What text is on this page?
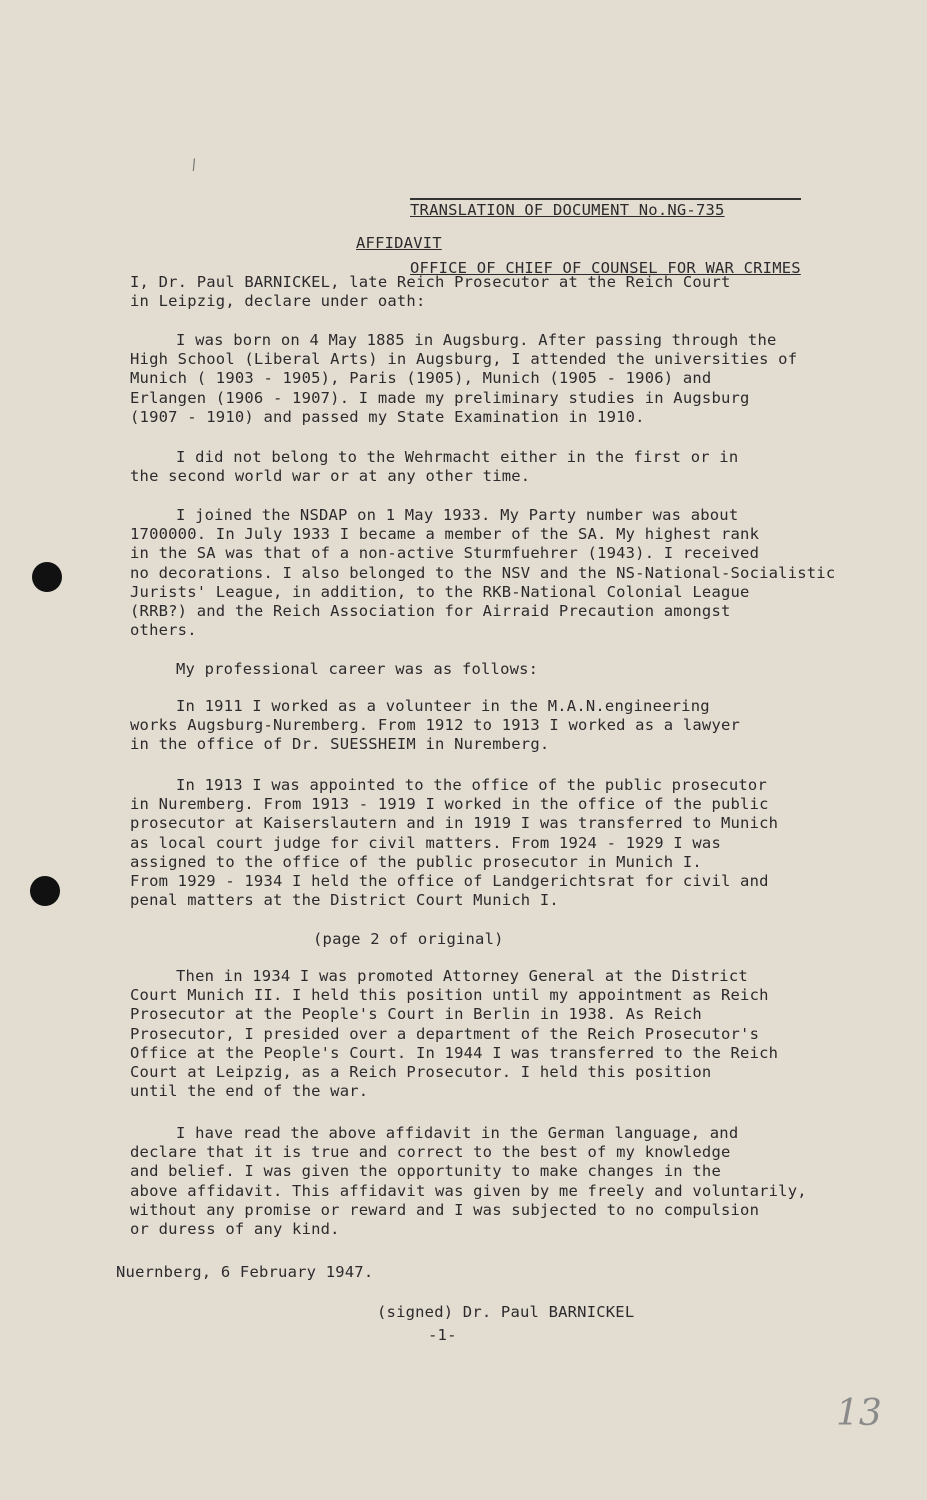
/

TRANSLATION OF DOCUMENT No.NG-735

OFFICE OF CHIEF OF COUNSEL FOR WAR CRIMES

AFFIDAVIT
I, Dr. Paul BARNICKEL, late Reich Prosecutor at the Reich Court
in Leipzig, declare under oath:
I was born on 4 May 1885 in Augsburg. After passing through the
High School (Liberal Arts) in Augsburg, I attended the universities of
Munich ( 1903 - 1905), Paris (1905), Munich (1905 - 1906) and
Erlangen (1906 - 1907). I made my preliminary studies in Augsburg
(1907 - 1910) and passed my State Examination in 1910.
I did not belong to the Wehrmacht either in the first or in
the second world war or at any other time.
I joined the NSDAP on 1 May 1933. My Party number was about
1700000. In July 1933 I became a member of the SA. My highest rank
in the SA was that of a non-active Sturmfuehrer (1943). I received
no decorations. I also belonged to the NSV and the NS-National-Socialistic
Jurists' League, in addition, to the RKB-National Colonial League
(RRB?) and the Reich Association for Airraid Precaution amongst
others.
My professional career was as follows:
In 1911 I worked as a volunteer in the M.A.N.engineering
works Augsburg-Nuremberg. From 1912 to 1913 I worked as a lawyer
in the office of Dr. SUESSHEIM in Nuremberg.
In 1913 I was appointed to the office of the public prosecutor
in Nuremberg. From 1913 - 1919 I worked in the office of the public
prosecutor at Kaiserslautern and in 1919 I was transferred to Munich
as local court judge for civil matters. From 1924 - 1929 I was
assigned to the office of the public prosecutor in Munich I.
From 1929 - 1934 I held the office of Landgerichtsrat for civil and
penal matters at the District Court Munich I.
(page 2 of original)
Then in 1934 I was promoted Attorney General at the District
Court Munich II. I held this position until my appointment as Reich
Prosecutor at the People's Court in Berlin in 1938. As Reich
Prosecutor, I presided over a department of the Reich Prosecutor's
Office at the People's Court. In 1944 I was transferred to the Reich
Court at Leipzig, as a Reich Prosecutor. I held this position
until the end of the war.
I have read the above affidavit in the German language, and
declare that it is true and correct to the best of my knowledge
and belief. I was given the opportunity to make changes in the
above affidavit. This affidavit was given by me freely and voluntarily,
without any promise or reward and I was subjected to no compulsion
or duress of any kind.
Nuernberg, 6 February 1947.
(signed) Dr. Paul BARNICKEL
-1-
13
